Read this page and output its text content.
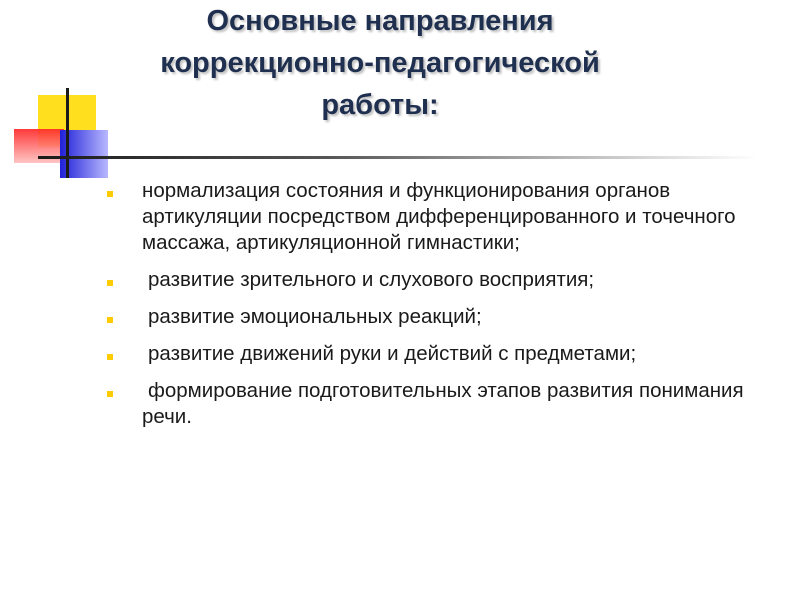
Основные направления
коррекционно-педагогической
работы:
нормализация состояния и функционирования органов артикуляции посредством дифференцированного и точечного массажа, артикуляционной гимнастики;
развитие зрительного и слухового восприятия;
развитие эмоциональных реакций;
развитие движений руки и действий с предметами;
формирование подготовительных этапов развития понимания речи.
